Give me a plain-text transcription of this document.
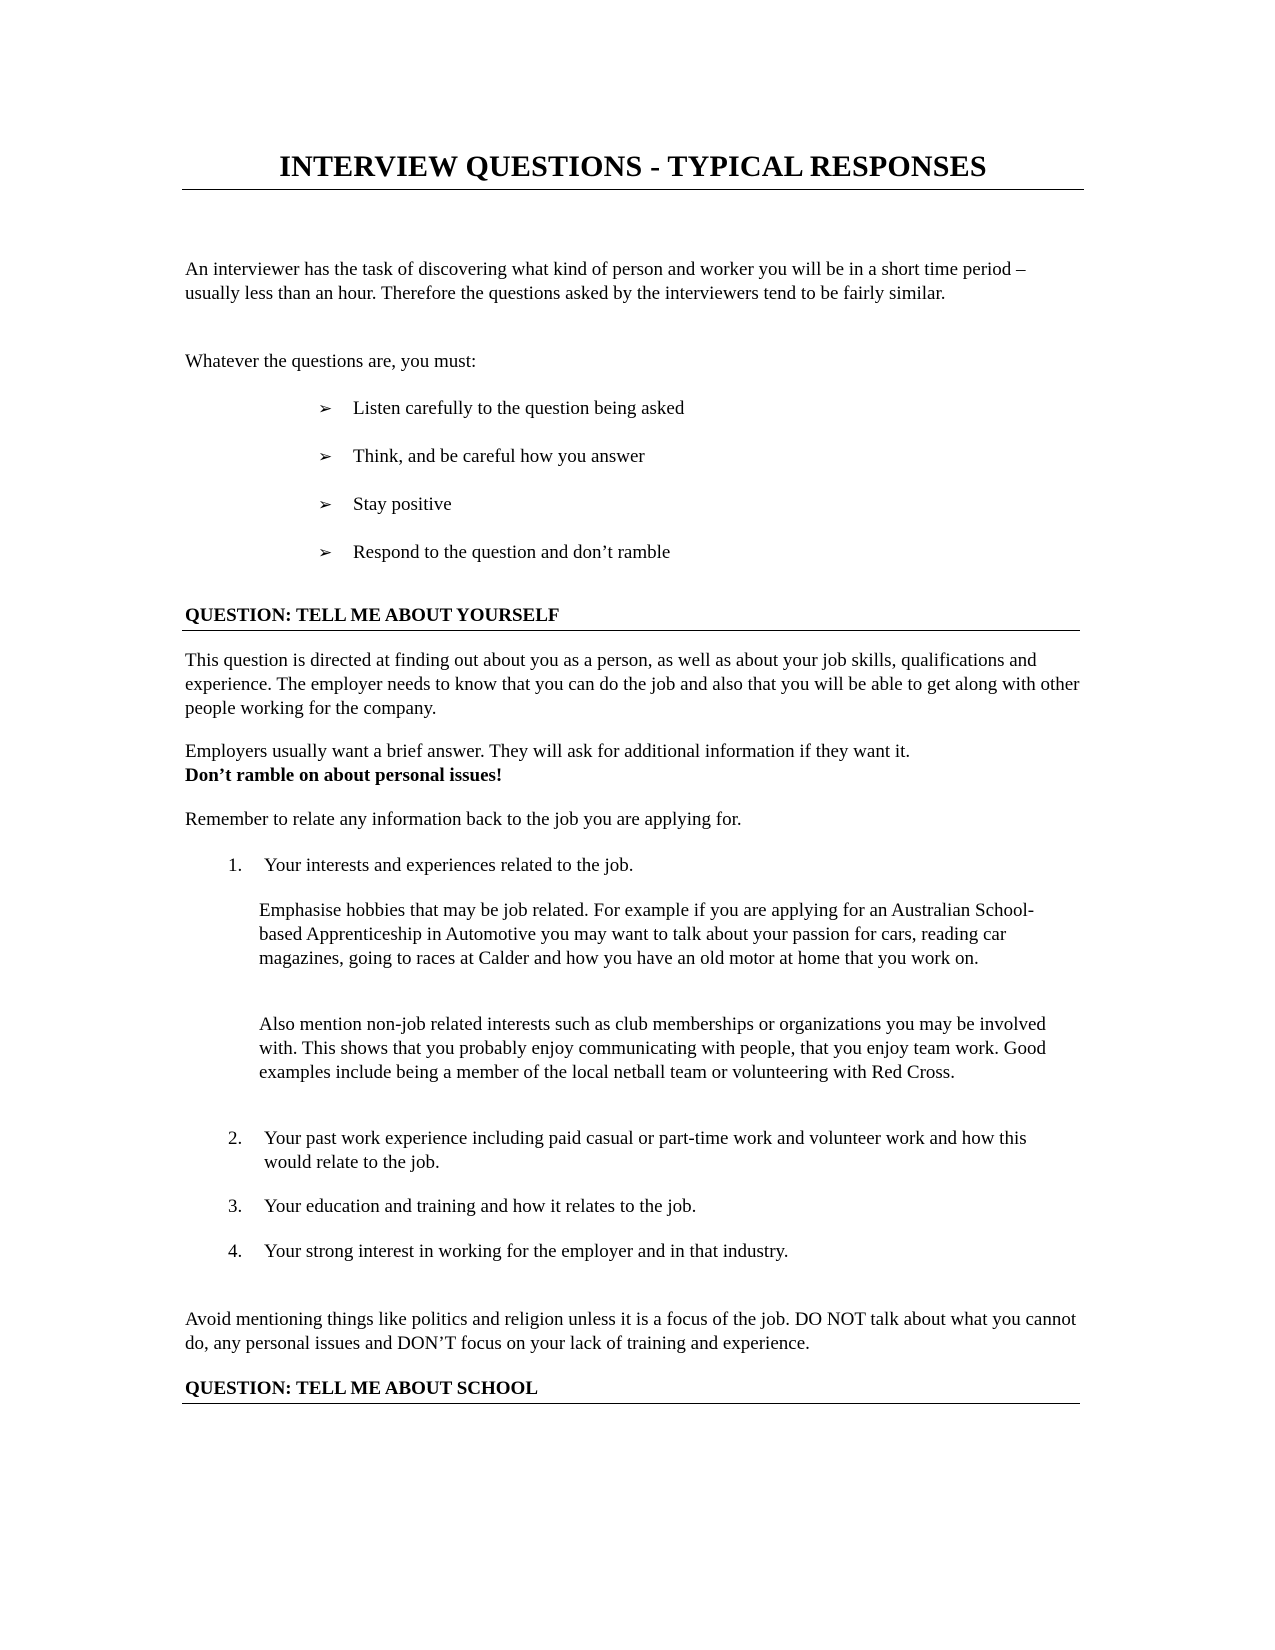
INTERVIEW QUESTIONS - TYPICAL RESPONSES

An interviewer has the task of discovering what kind of person and worker you will be in a short time period – usually less than an hour. Therefore the questions asked by the interviewers tend to be fairly similar.

Whatever the questions are, you must:

➢ Listen carefully to the question being asked
➢ Think, and be careful how you answer
➢ Stay positive
➢ Respond to the question and don’t ramble

QUESTION: TELL ME ABOUT YOURSELF

This question is directed at finding out about you as a person, as well as about your job skills, qualifications and experience. The employer needs to know that you can do the job and also that you will be able to get along with other people working for the company.

Employers usually want a brief answer. They will ask for additional information if they want it.
Don’t ramble on about personal issues!

Remember to relate any information back to the job you are applying for.

1.	Your interests and experiences related to the job.

Emphasise hobbies that may be job related. For example if you are applying for an Australian School-based Apprenticeship in Automotive you may want to talk about your passion for cars, reading car magazines, going to races at Calder and how you have an old motor at home that you work on.

Also mention non-job related interests such as club memberships or organizations you may be involved with. This shows that you probably enjoy communicating with people, that you enjoy team work. Good examples include being a member of the local netball team or volunteering with Red Cross.

2.	Your past work experience including paid casual or part-time work and volunteer work and how this would relate to the job.
3.	Your education and training and how it relates to the job.
4.	Your strong interest in working for the employer and in that industry.

Avoid mentioning things like politics and religion unless it is a focus of the job. DO NOT talk about what you cannot do, any personal issues and DON’T focus on your lack of training and experience.

QUESTION: TELL ME ABOUT SCHOOL
